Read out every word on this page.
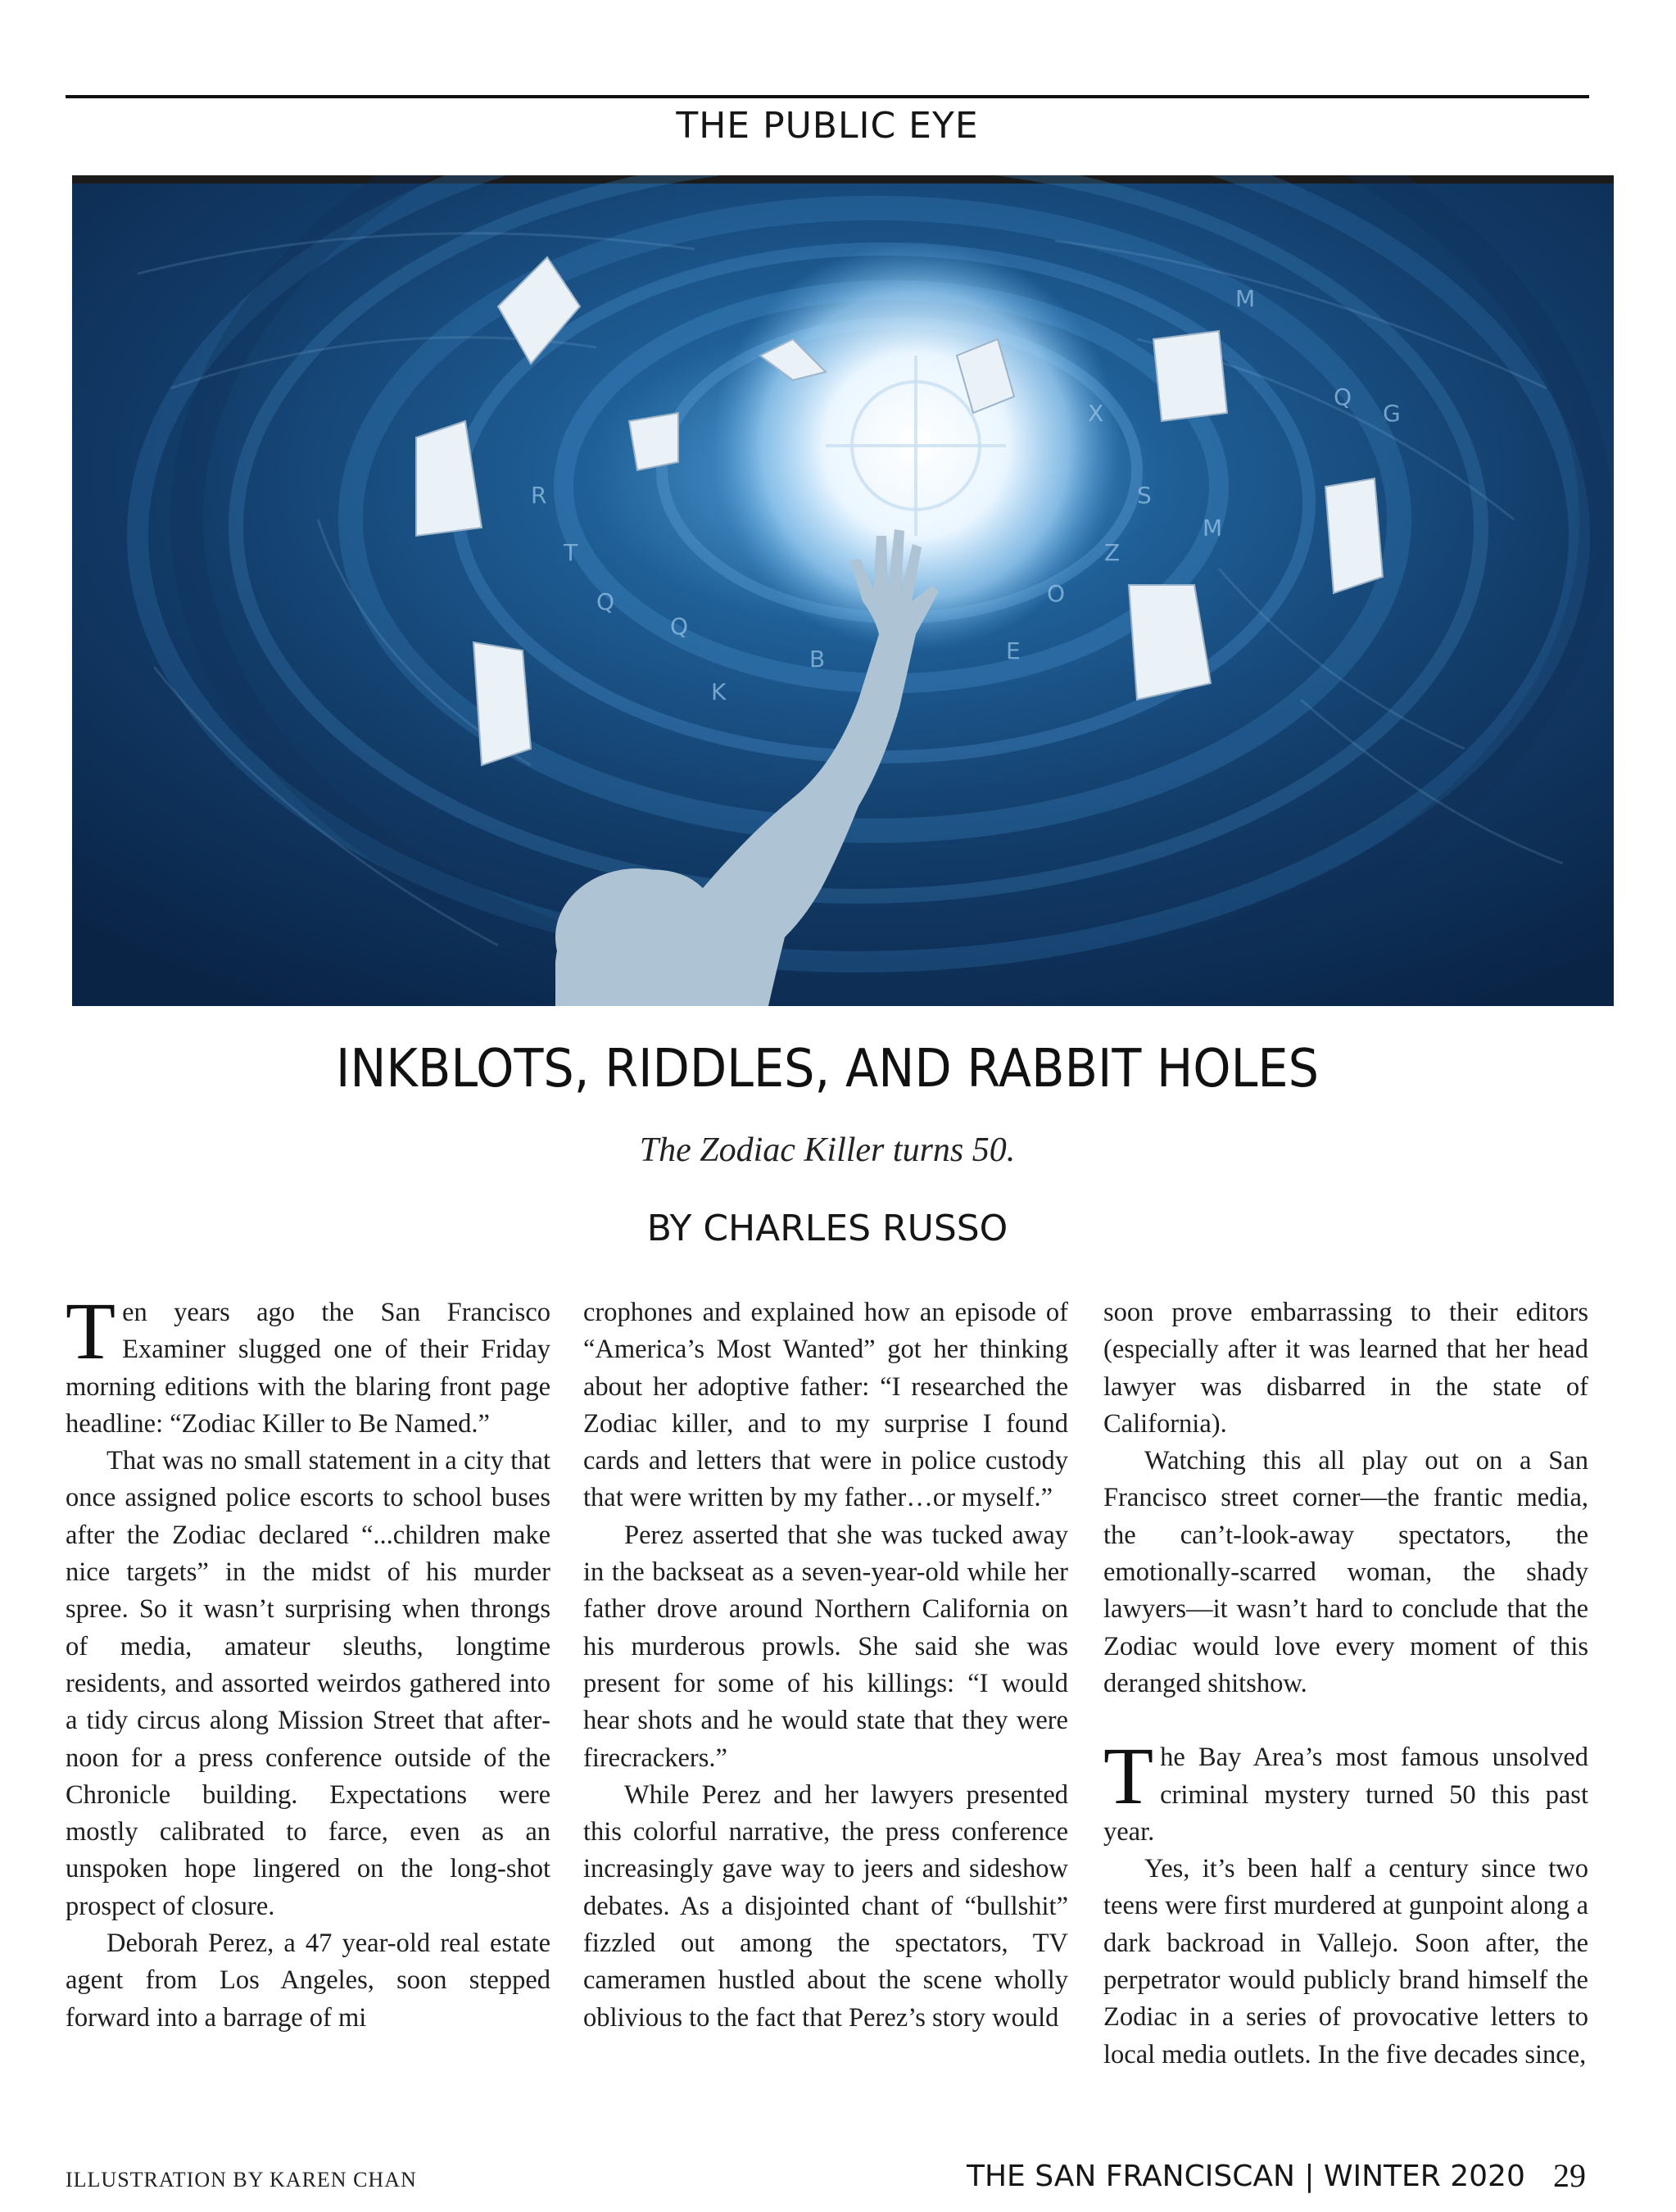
THE PUBLIC EYE
R
T
Q
Q
K
B	E
O
Z
S
M
M
Q
X	G
INKBLOTS, RIDDLES, AND RABBIT HOLES
The Zodiac Killer turns 50.
BY CHARLES RUSSO

Ten years ago the San Francisco Examiner slugged one of their Friday morning editions with the blaring front page headline: “Zodiac Killer to Be Named.”

That was no small statement in a city that once assigned police escorts to school buses after the Zodiac declared “...children make nice targets” in the midst of his murder spree. So it wasn’t surprising when throngs of media, amateur sleuths, longtime residents, and assorted weirdos gathered into a tidy circus along Mission Street that afternoon for a press conference outside of the Chronicle building. Expectations were mostly calibrated to farce, even as an unspoken hope lingered on the long-shot prospect of closure.

Deborah Perez, a 47 year-old real estate agent from Los Angeles, soon stepped forward into a barrage of mi

crophones and explained how an episode of “America’s Most Wanted” got her thinking about her adoptive father: “I researched the Zodiac killer, and to my surprise I found cards and letters that were in police custody that were written by my father…or myself.”

Perez asserted that she was tucked away in the backseat as a seven-year-old while her father drove around Northern California on his murderous prowls. She said she was present for some of his killings: “I would hear shots and he would state that they were firecrackers.”

While Perez and her lawyers presented this colorful narrative, the press conference increasingly gave way to jeers and sideshow debates. As a disjointed chant of “bullshit” fizzled out among the spectators, TV cameramen hustled about the scene wholly oblivious to the fact that Perez’s story would

soon prove embarrassing to their editors (especially after it was learned that her head lawyer was disbarred in the state of California).

Watching this all play out on a San Francisco street corner—the frantic media, the can’t-look-away spectators, the emotionally-scarred woman, the shady lawyers—it wasn’t hard to conclude that the Zodiac would love every moment of this deranged shitshow.

The Bay Area’s most famous unsolved criminal mystery turned 50 this past year.

Yes, it’s been half a century since two teens were first murdered at gunpoint along a dark backroad in Vallejo. Soon after, the perpetrator would publicly brand himself the Zodiac in a series of provocative letters to local media outlets. In the five decades since,

ILLUSTRATION BY KAREN CHAN	THE SAN FRANCISCAN | WINTER 2020 29
